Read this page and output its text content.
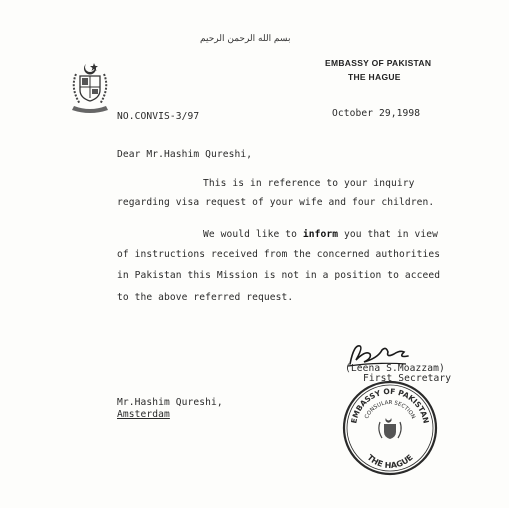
بسم الله الرحمن الرحيم
EMBASSY OF PAKISTAN
THE HAGUE
NO.CONVIS-3/97	October 29,1998
Dear Mr.Hashim Qureshi,
This is in reference to your inquiry
regarding visa request of your wife and four children.
We would like to inform you that in view
of instructions received from the concerned authorities
in Pakistan this Mission is not in a position to acceed
to the above referred request.
(Leena S.Moazzam)
First Secretary
Mr.Hashim Qureshi,
Amsterdam
EMBASSY OF PAKISTAN
CONSULAR SECTION
THE HAGUE
